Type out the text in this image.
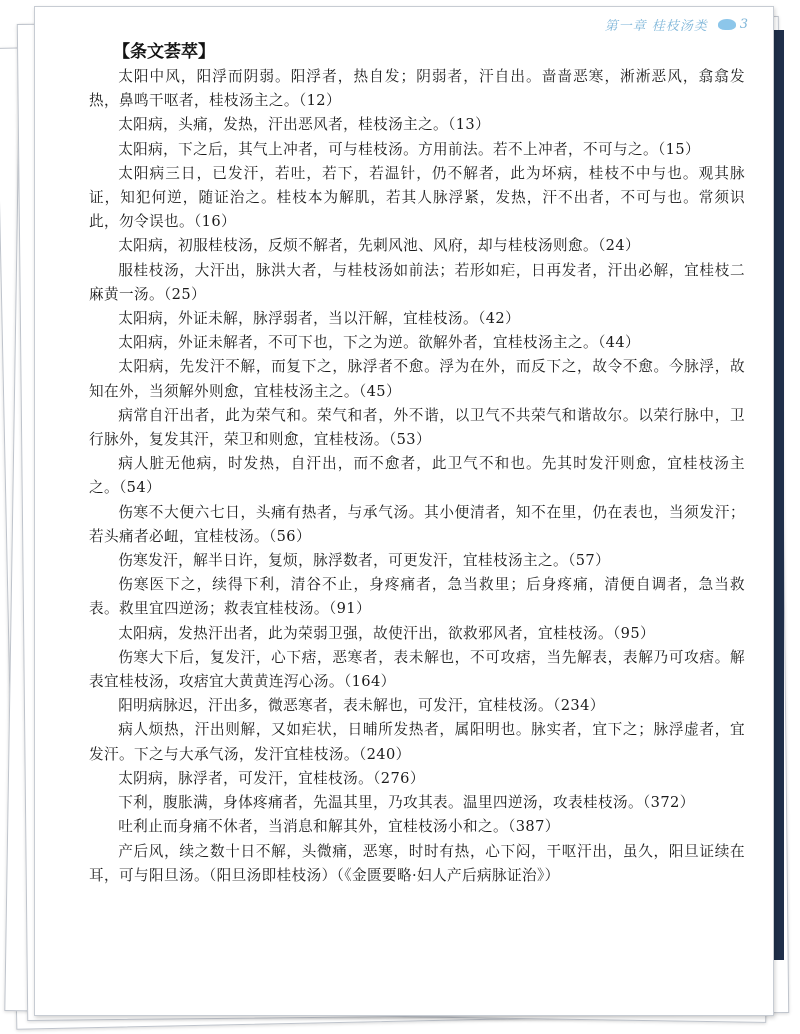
第一章 桂枝汤类 3
【条文荟萃】

太阳中风，阳浮而阴弱。阳浮者，热自发；阴弱者，汗自出。啬啬恶寒，淅淅恶风，翕翕发热，鼻鸣干呕者，桂枝汤主之。（12）

太阳病，头痛，发热，汗出恶风者，桂枝汤主之。（13）

太阳病，下之后，其气上冲者，可与桂枝汤。方用前法。若不上冲者，不可与之。（15）

太阳病三日，已发汗，若吐，若下，若温针，仍不解者，此为坏病，桂枝不中与也。观其脉证，知犯何逆，随证治之。桂枝本为解肌，若其人脉浮紧，发热，汗不出者，不可与也。常须识此，勿令误也。（16）

太阳病，初服桂枝汤，反烦不解者，先刺风池、风府，却与桂枝汤则愈。（24）

服桂枝汤，大汗出，脉洪大者，与桂枝汤如前法；若形如疟，日再发者，汗出必解，宜桂枝二麻黄一汤。（25）

太阳病，外证未解，脉浮弱者，当以汗解，宜桂枝汤。（42）

太阳病，外证未解者，不可下也，下之为逆。欲解外者，宜桂枝汤主之。（44）

太阳病，先发汗不解，而复下之，脉浮者不愈。浮为在外，而反下之，故令不愈。今脉浮，故知在外，当须解外则愈，宜桂枝汤主之。（45）

病常自汗出者，此为荣气和。荣气和者，外不谐，以卫气不共荣气和谐故尔。以荣行脉中，卫行脉外，复发其汗，荣卫和则愈，宜桂枝汤。（53）

病人脏无他病，时发热，自汗出，而不愈者，此卫气不和也。先其时发汗则愈，宜桂枝汤主之。（54）

伤寒不大便六七日，头痛有热者，与承气汤。其小便清者，知不在里，仍在表也，当须发汗；若头痛者必衄，宜桂枝汤。（56）

伤寒发汗，解半日许，复烦，脉浮数者，可更发汗，宜桂枝汤主之。（57）

伤寒医下之，续得下利，清谷不止，身疼痛者，急当救里；后身疼痛，清便自调者，急当救表。救里宜四逆汤；救表宜桂枝汤。（91）

太阳病，发热汗出者，此为荣弱卫强，故使汗出，欲救邪风者，宜桂枝汤。（95）

伤寒大下后，复发汗，心下痞，恶寒者，表未解也，不可攻痞，当先解表，表解乃可攻痞。解表宜桂枝汤，攻痞宜大黄黄连泻心汤。（164）

阳明病脉迟，汗出多，微恶寒者，表未解也，可发汗，宜桂枝汤。（234）

病人烦热，汗出则解，又如疟状，日晡所发热者，属阳明也。脉实者，宜下之；脉浮虚者，宜发汗。下之与大承气汤，发汗宜桂枝汤。（240）

太阴病，脉浮者，可发汗，宜桂枝汤。（276）

下利，腹胀满，身体疼痛者，先温其里，乃攻其表。温里四逆汤，攻表桂枝汤。（372）

吐利止而身痛不休者，当消息和解其外，宜桂枝汤小和之。（387）

产后风，续之数十日不解，头微痛，恶寒，时时有热，心下闷，干呕汗出，虽久，阳旦证续在耳，可与阳旦汤。（阳旦汤即桂枝汤）（《金匮要略·妇人产后病脉证治》）
